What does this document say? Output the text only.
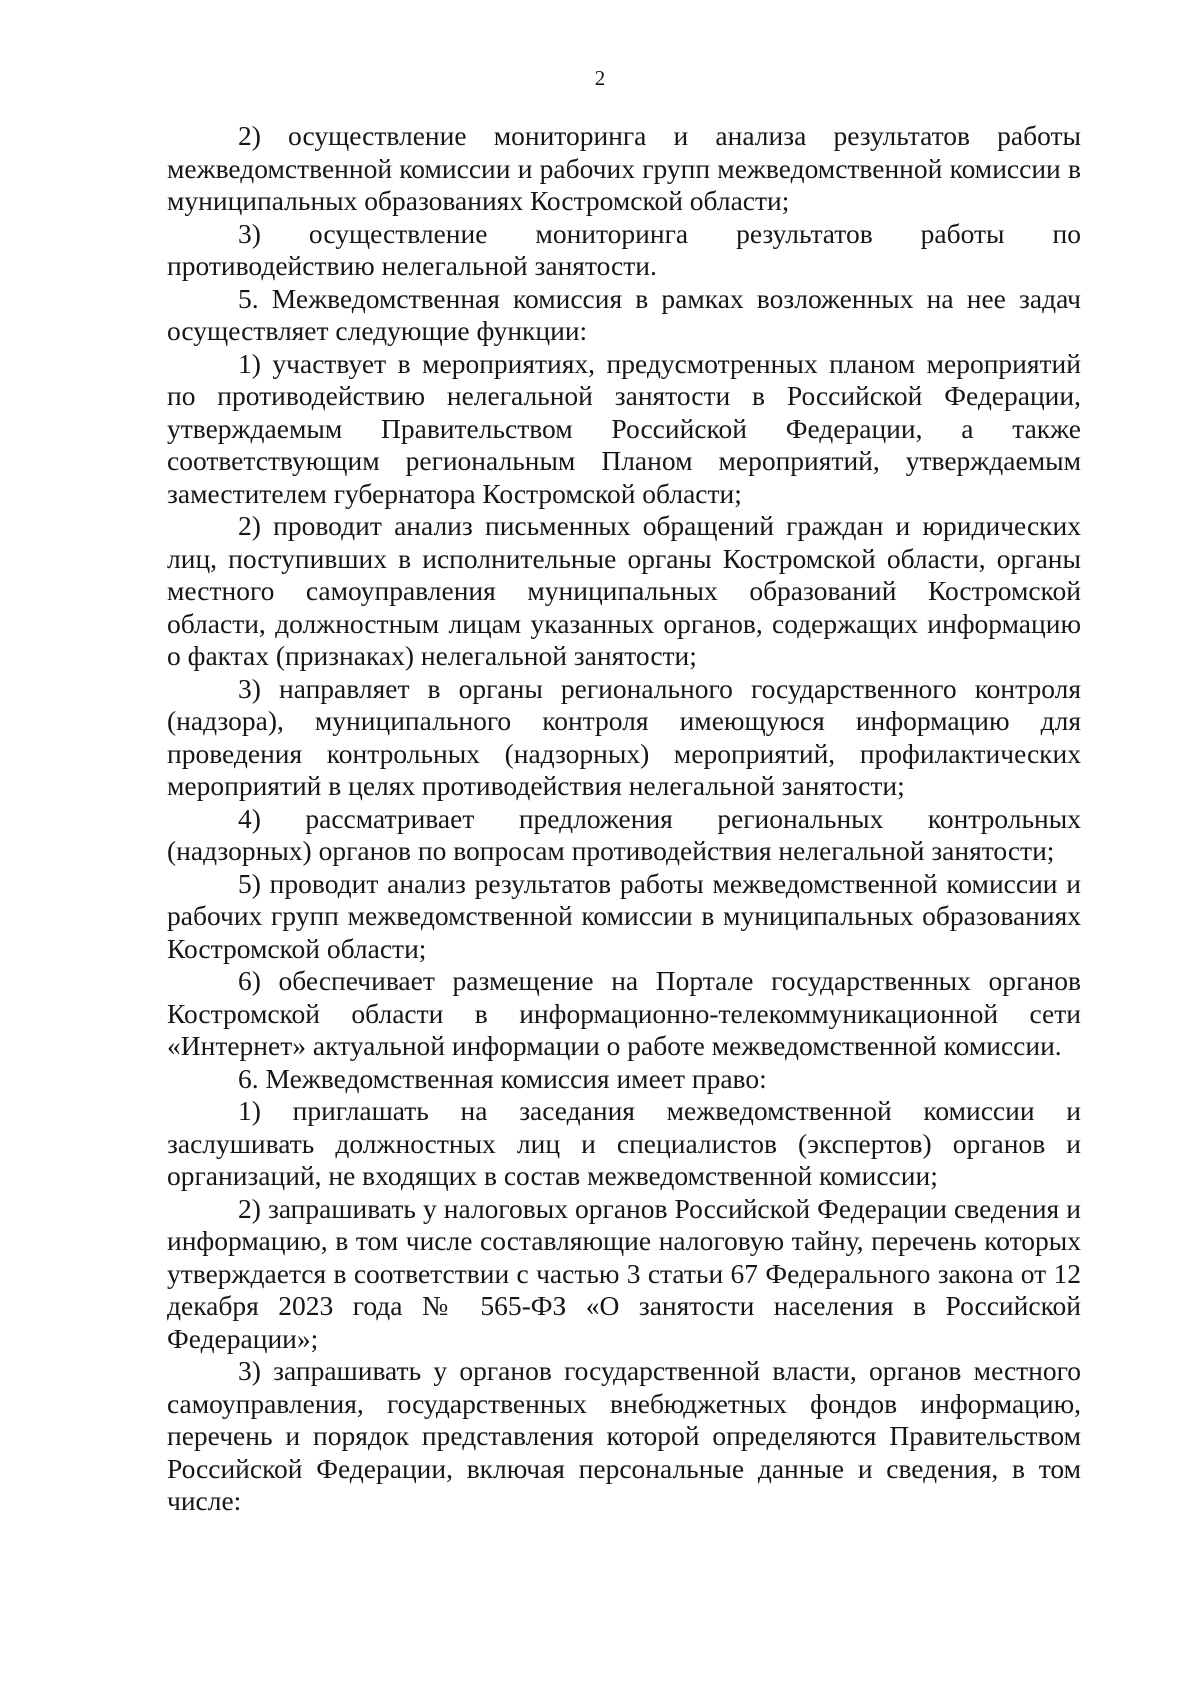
2

2) осуществление мониторинга и анализа результатов работы межведомственной комиссии и рабочих групп межведомственной комиссии в муниципальных образованиях Костромской области;

3) осуществление мониторинга результатов работы по противодействию нелегальной занятости.

5. Межведомственная комиссия в рамках возложенных на нее задач осуществляет следующие функции:

1) участвует в мероприятиях, предусмотренных планом мероприятий по противодействию нелегальной занятости в Российской Федерации, утверждаемым Правительством Российской Федерации, а также соответствующим региональным Планом мероприятий, утверждаемым заместителем губернатора Костромской области;

2) проводит анализ письменных обращений граждан и юридических лиц, поступивших в исполнительные органы Костромской области, органы местного самоуправления муниципальных образований Костромской области, должностным лицам указанных органов, содержащих информацию о фактах (признаках) нелегальной занятости;

3) направляет в органы регионального государственного контроля (надзора), муниципального контроля имеющуюся информацию для проведения контрольных (надзорных) мероприятий, профилактических мероприятий в целях противодействия нелегальной занятости;

4) рассматривает предложения региональных контрольных (надзорных) органов по вопросам противодействия нелегальной занятости;

5) проводит анализ результатов работы межведомственной комиссии и рабочих групп межведомственной комиссии в муниципальных образованиях Костромской области;

6) обеспечивает размещение на Портале государственных органов Костромской области в информационно-телекоммуникационной сети «Интернет» актуальной информации о работе межведомственной комиссии.

6. Межведомственная комиссия имеет право:

1) приглашать на заседания межведомственной комиссии и заслушивать должностных лиц и специалистов (экспертов) органов и организаций, не входящих в состав межведомственной комиссии;

2) запрашивать у налоговых органов Российской Федерации сведения и информацию, в том числе составляющие налоговую тайну, перечень которых утверждается в соответствии с частью 3 статьи 67 Федерального закона от 12 декабря 2023 года № 565-ФЗ «О занятости населения в Российской Федерации»;

3) запрашивать у органов государственной власти, органов местного самоуправления, государственных внебюджетных фондов информацию, перечень и порядок представления которой определяются Правительством Российской Федерации, включая персональные данные и сведения, в том числе:
